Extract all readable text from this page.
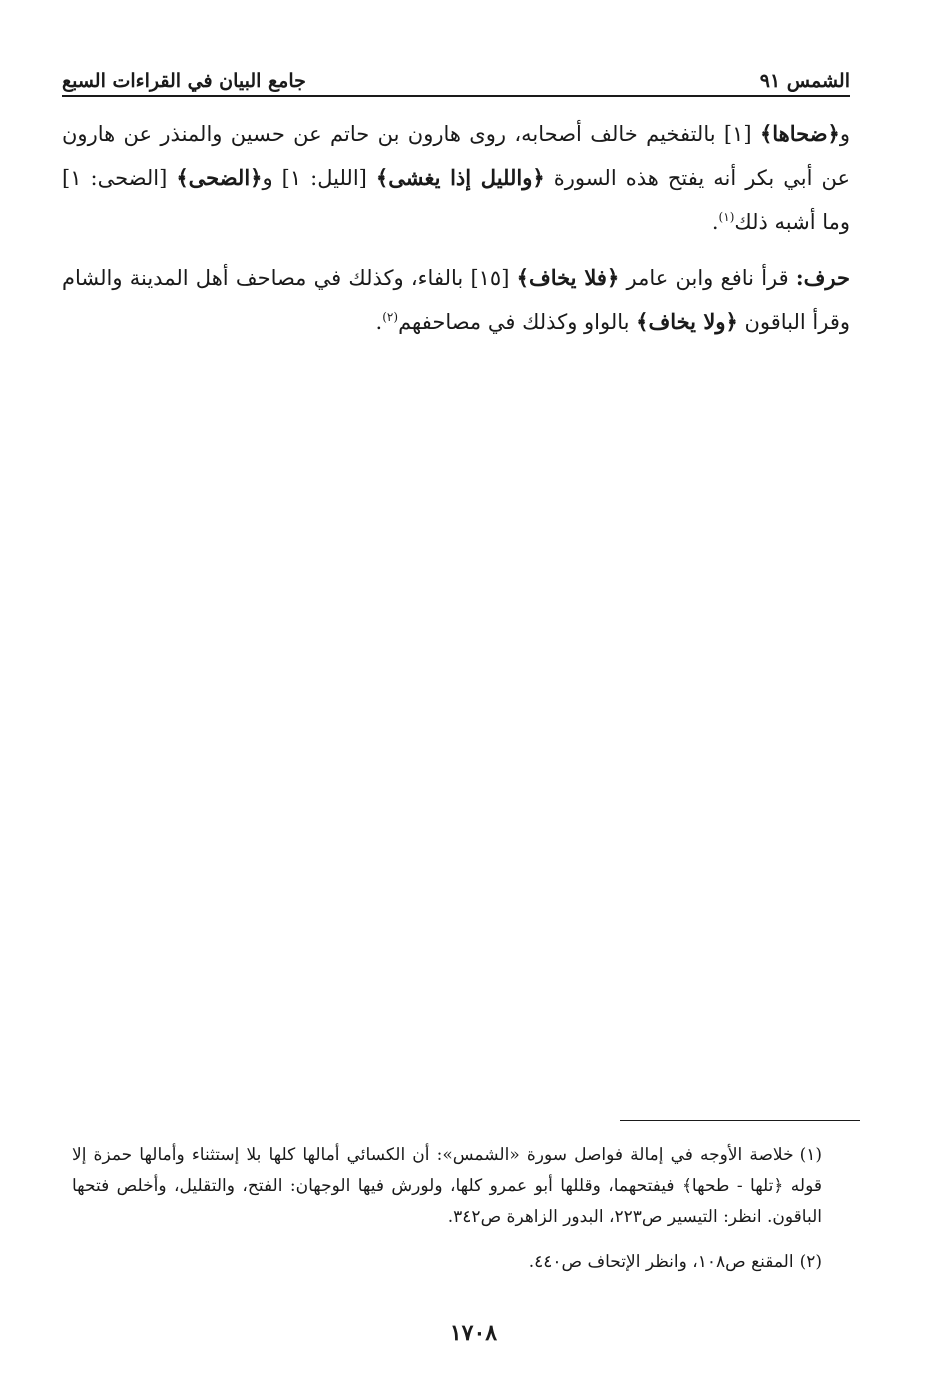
الشمس ٩١
جامع البيان في القراءات السبع

و﴿ضحاها﴾ [١] بالتفخيم خالف أصحابه، روى هارون بن حاتم عن حسين والمنذر عن هارون عن أبي بكر أنه يفتح هذه السورة ﴿والليل إذا يغشى﴾ [الليل: ١] و﴿الضحى﴾ [الضحى: ١] وما أشبه ذلك$^{(١)}$.

حرف: قرأ نافع وابن عامر ﴿فلا يخاف﴾ [١٥] بالفاء، وكذلك في مصاحف أهل المدينة والشام وقرأ الباقون ﴿ولا يخاف﴾ بالواو وكذلك في مصاحفهم$^{(٢)}$.

(١)خلاصة الأوجه في إمالة فواصل سورة «الشمس»: أن الكسائي أمالها كلها بلا إستثناء وأمالها حمزة إلا قوله ﴿تلها - طحها﴾ فيفتحهما، وقللها أبو عمرو كلها، ولورش فيها الوجهان: الفتح، والتقليل، وأخلص فتحها الباقون. انظر: التيسير ص٢٢٣، البدور الزاهرة ص٣٤٢.

(٢)المقنع ص١٠٨، وانظر الإتحاف ص٤٤٠.

١٧٠٨
